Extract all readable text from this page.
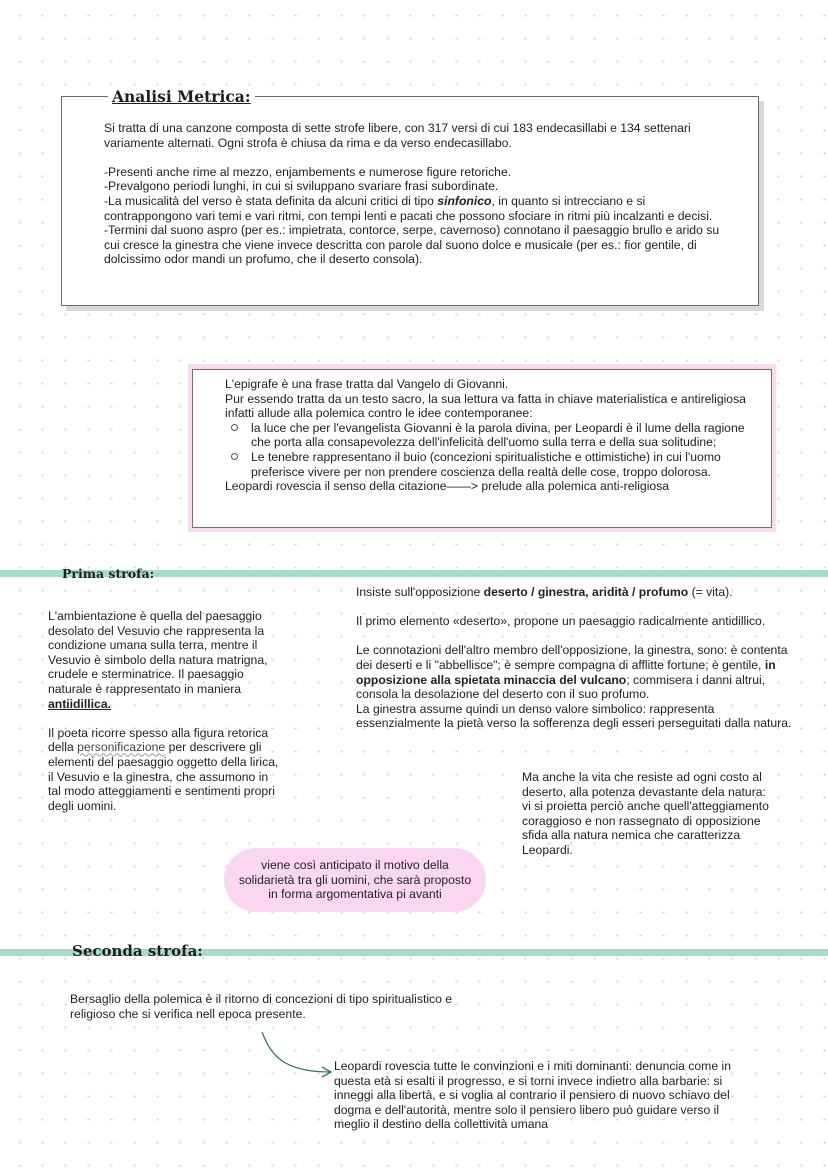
Analisi Metrica:

Si tratta di una canzone composta di sette strofe libere, con 317 versi di cui 183 endecasillabi e 134 settenari variamente alternati. Ogni strofa è chiusa da rima e da verso endecasillabo.

-Presenti anche rime al mezzo, enjambements e numerose figure retoriche.

-Prevalgono periodi lunghi, in cui si sviluppano svariare frasi subordinate.

-La musicalità del verso è stata definita da alcuni critici di tipo sinfonico, in quanto si intrecciano e si contrappongono vari temi e vari ritmi, con tempi lenti e pacati che possono sfociare in ritmi più incalzanti e decisi.

-Termini dal suono aspro (per es.: impietrata, contorce, serpe, cavernoso) connotano il paesaggio brullo e arido su cui cresce la ginestra che viene invece descritta con parole dal suono dolce e musicale (per es.: fior gentile, di dolcissimo odor mandi un profumo, che il deserto consola).

L'epigrafe è una frase tratta dal Vangelo di Giovanni.

Pur essendo tratta da un testo sacro, la sua lettura va fatta in chiave materialistica e antireligiosa infatti allude alla polemica contro le idee contemporanee:

la luce che per l'evangelista Giovanni è la parola divina, per Leopardi è il lume della ragione che porta alla consapevolezza dell'infelicità dell'uomo sulla terra e della sua solitudine;
Le tenebre rappresentano il buio (concezioni spiritualistiche e ottimistiche) in cui l'uomo preferisce vivere per non prendere coscienza della realtà delle cose, troppo dolorosa.

Leopardi rovescia il senso della citazione——> prelude alla polemica anti-religiosa

Prima strofa:

L'ambientazione è quella del paesaggio desolato del Vesuvio che rappresenta la condizione umana sulla terra, mentre il Vesuvio è simbolo della natura matrigna, crudele e sterminatrice. Il paesaggio naturale è rappresentato in maniera antiidillica.

Il poeta ricorre spesso alla figura retorica della personificazione per descrivere gli elementi del paesaggio oggetto della lirica, il Vesuvio e la ginestra, che assumono in tal modo atteggiamenti e sentimenti propri degli uomini.

Insiste sull'opposizione deserto / ginestra, aridità / profumo (= vita).

Il primo elemento «deserto», propone un paesaggio radicalmente antidillico.

Le connotazioni dell'altro membro dell'opposizione, la ginestra, sono: è contenta dei deserti e li "abbellisce"; è sempre compagna di afflitte fortune; è gentile, in opposizione alla spietata minaccia del vulcano; commisera i danni altrui, consola la desolazione del deserto con il suo profumo.

La ginestra assume quindi un denso valore simbolico: rappresenta essenzialmente la pietà verso la sofferenza degli esseri perseguitati dalla natura.

Ma anche la vita che resiste ad ogni costo al deserto, alla potenza devastante dela natura: vi si proietta perciò anche quell'atteggiamento coraggioso e non rassegnato di opposizione sfida alla natura nemica che caratterizza Leopardi.

viene così anticipato il motivo della solidarietà tra gli uomini, che sarà proposto in forma argomentativa pi avanti
Seconda strofa:

Bersaglio della polemica è il ritorno di concezioni di tipo spiritualistico e religioso che si verifica nell epoca presente.

Leopardi rovescia tutte le convinzioni e i miti dominanti: denuncia come in questa età si esalti il progresso, e si torni invece indietro alla barbarie: si inneggi alla libertà, e si voglia al contrario il pensiero di nuovo schiavo del dogma e dell'autorità, mentre solo il pensiero libero può guidare verso il meglio il destino della collettività umana
